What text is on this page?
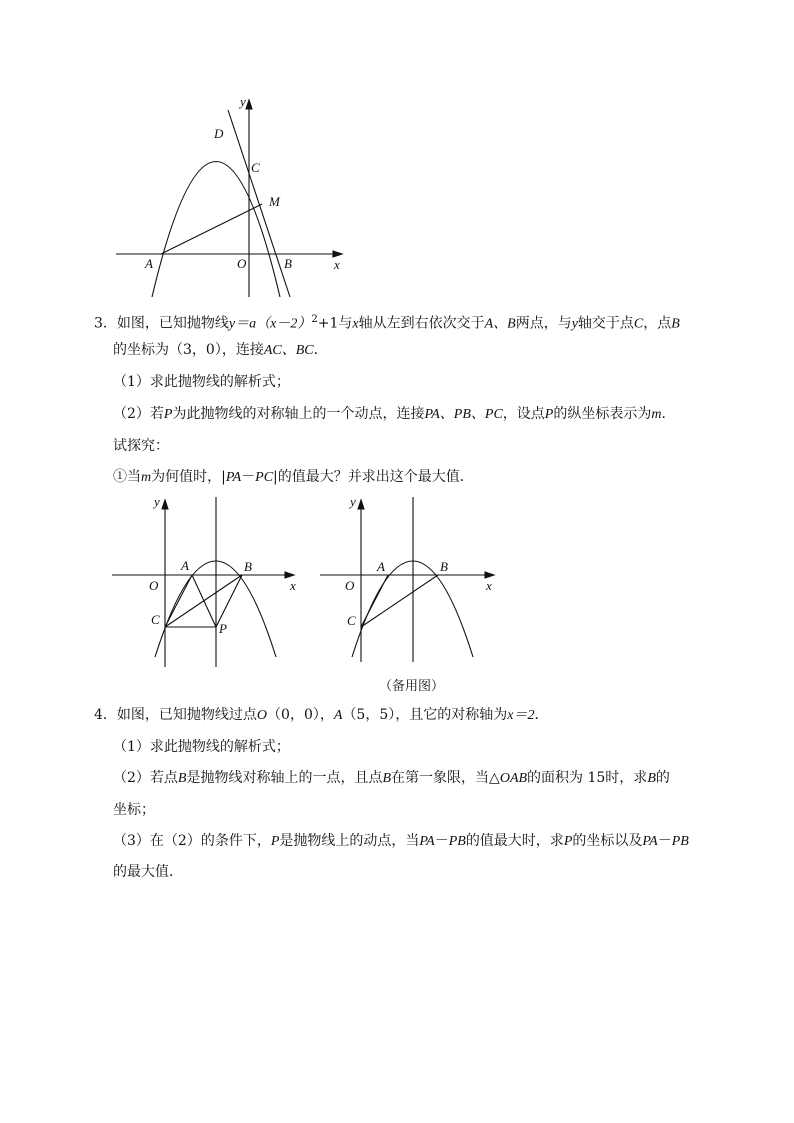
y
x
D
C
M
A	O	B
3．如图，已知抛物线$y=a(x-2)^2+1$与x轴从左到右依次交于A、B两点，与y轴交于点C，点B
的坐标为（3，0），连接AC、BC．
（1）求此抛物线的解析式；
（2）若P为此抛物线的对称轴上的一个动点，连接PA、PB、PC，设点P的纵坐标表示为m．
试探究：
①当m为何值时，|PA－PC|的值最大？并求出这个最大值．
y
x
O
A	B
C
P
y
x
O
A	B
C
（备用图）
4．如图，已知抛物线过点O（0，0），A（5，5），且它的对称轴为x＝2．
（1）求此抛物线的解析式；
（2）若点B是抛物线对称轴上的一点，且点B在第一象限，当△OAB的面积为 15时，求B的
坐标；
（3）在（2）的条件下，P是抛物线上的动点，当PA－PB的值最大时，求P的坐标以及PA－PB
的最大值．
